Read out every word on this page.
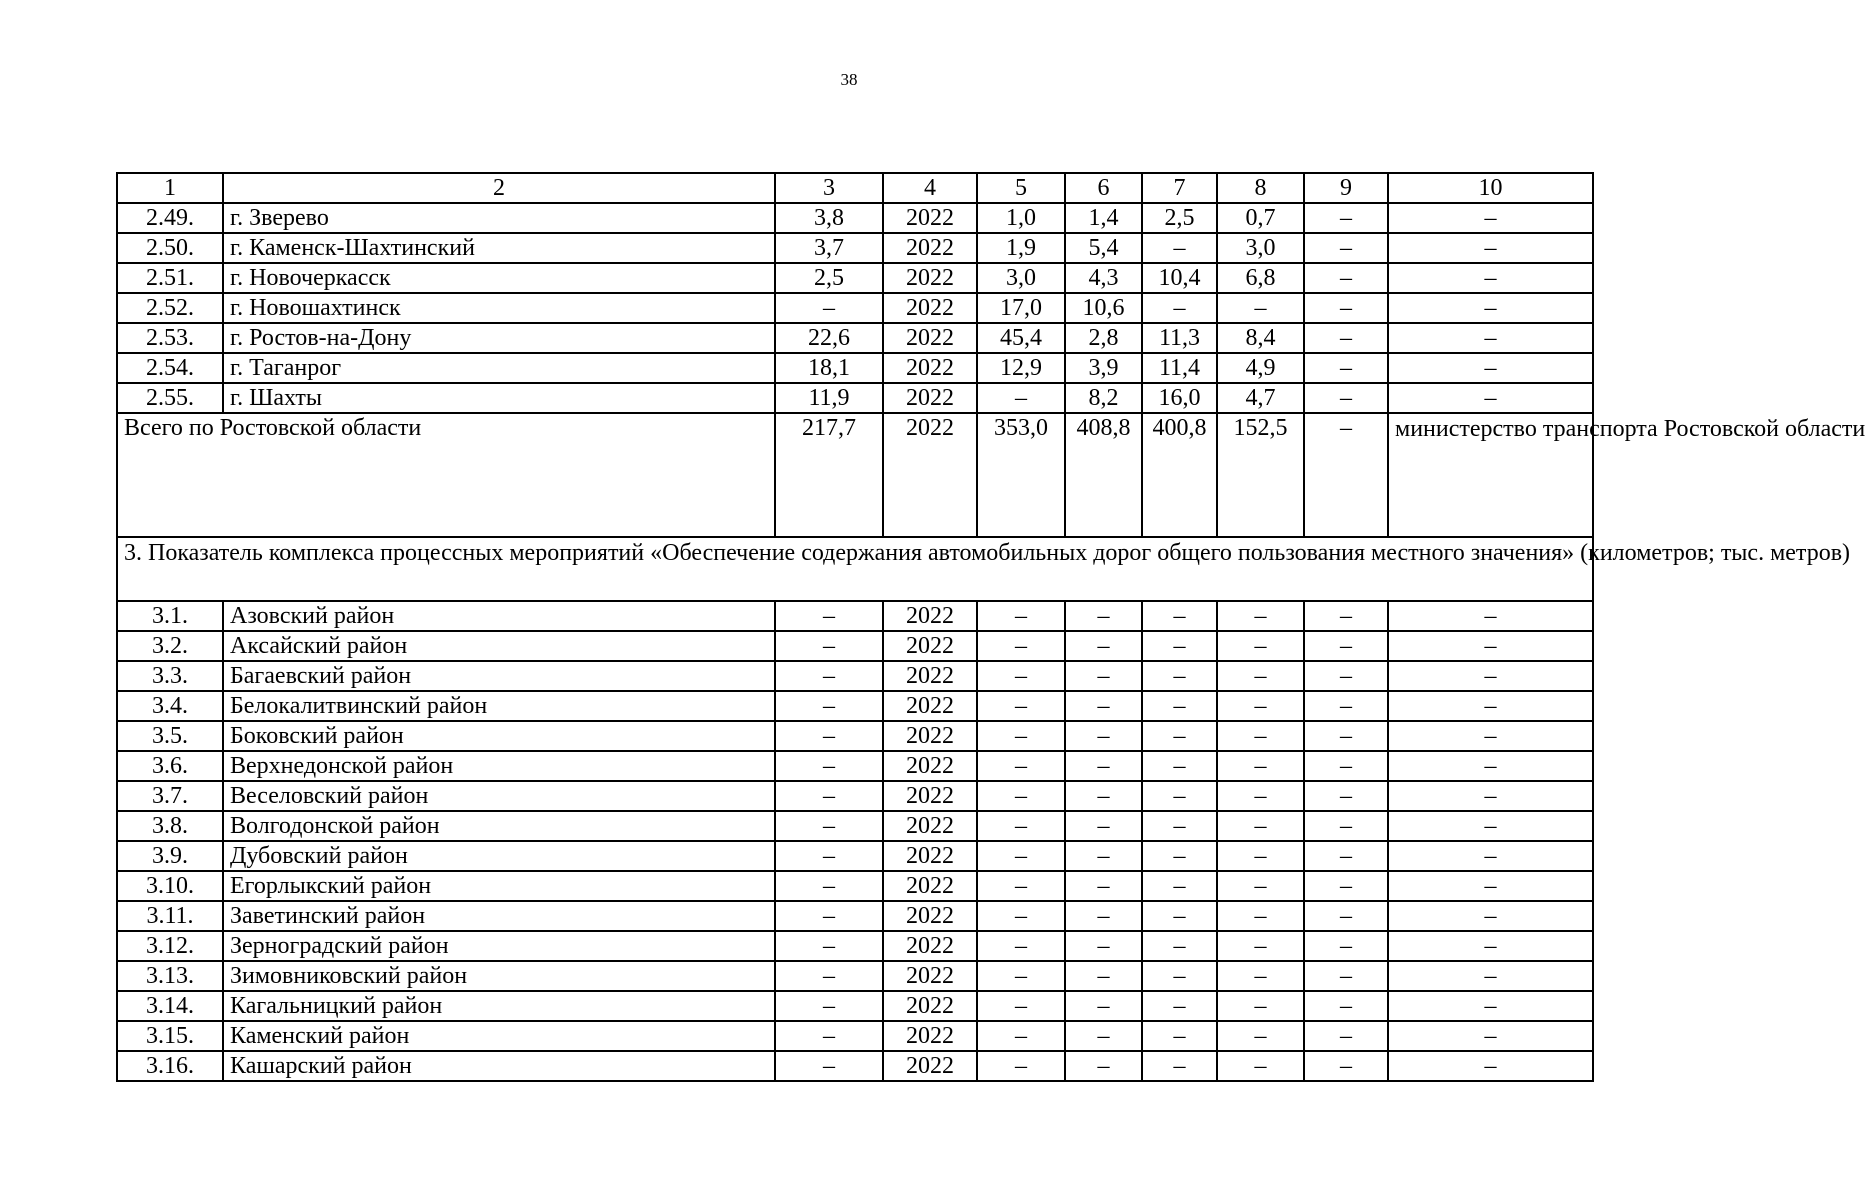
38
1	2	3	4	5	6	7	8	9	10
2.49.	г. Зверево	3,8	2022	1,0	1,4	2,5	0,7	–	–
2.50.	г. Каменск-Шахтинский	3,7	2022	1,9	5,4	–	3,0	–	–
2.51.	г. Новочеркасск	2,5	2022	3,0	4,3	10,4	6,8	–	–
2.52.	г. Новошахтинск	–	2022	17,0	10,6	–	–	–	–
2.53.	г. Ростов-на-Дону	22,6	2022	45,4	2,8	11,3	8,4	–	–
2.54.	г. Таганрог	18,1	2022	12,9	3,9	11,4	4,9	–	–
2.55.	г. Шахты	11,9	2022	–	8,2	16,0	4,7	–	–
Всего по Ростовской области		217,7	2022	353,0	408,8	400,8	152,5	–	министерство транспорта Ростовской области
3. Показатель комплекса процессных мероприятий «Обеспечение содержания автомобильных дорог общего пользования местного значения» (километров; тыс. метров)									
3.1.	Азовский район	–	2022	–	–	–	–	–	–
3.2.	Аксайский район	–	2022	–	–	–	–	–	–
3.3.	Багаевский район	–	2022	–	–	–	–	–	–
3.4.	Белокалитвинский район	–	2022	–	–	–	–	–	–
3.5.	Боковский район	–	2022	–	–	–	–	–	–
3.6.	Верхнедонской район	–	2022	–	–	–	–	–	–
3.7.	Веселовский район	–	2022	–	–	–	–	–	–
3.8.	Волгодонской район	–	2022	–	–	–	–	–	–
3.9.	Дубовский район	–	2022	–	–	–	–	–	–
3.10.	Егорлыкский район	–	2022	–	–	–	–	–	–
3.11.	Заветинский район	–	2022	–	–	–	–	–	–
3.12.	Зерноградский район	–	2022	–	–	–	–	–	–
3.13.	Зимовниковский район	–	2022	–	–	–	–	–	–
3.14.	Кагальницкий район	–	2022	–	–	–	–	–	–
3.15.	Каменский район	–	2022	–	–	–	–	–	–
3.16.	Кашарский район	–	2022	–	–	–	–	–	–
